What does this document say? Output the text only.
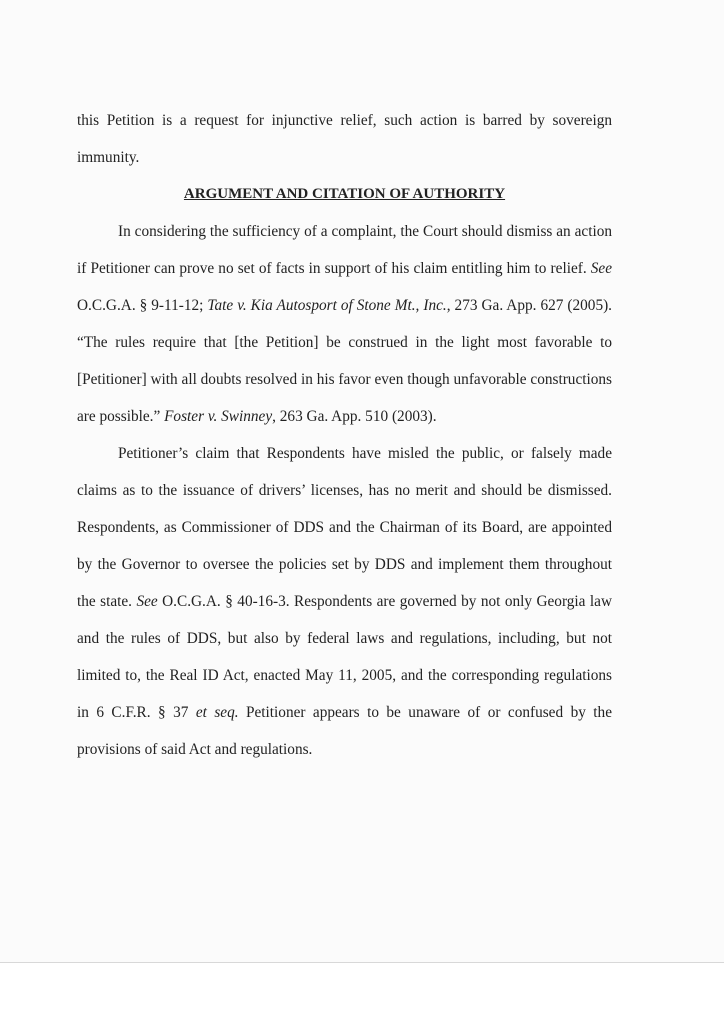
this Petition is a request for injunctive relief, such action is barred by sovereign immunity.

ARGUMENT AND CITATION OF AUTHORITY

In considering the sufficiency of a complaint, the Court should dismiss an action if Petitioner can prove no set of facts in support of his claim entitling him to relief. See O.C.G.A. § 9-11-12; Tate v. Kia Autosport of Stone Mt., Inc., 273 Ga. App. 627 (2005). “The rules require that [the Petition] be construed in the light most favorable to [Petitioner] with all doubts resolved in his favor even though unfavorable constructions are possible.” Foster v. Swinney, 263 Ga. App. 510 (2003).

Petitioner’s claim that Respondents have misled the public, or falsely made claims as to the issuance of drivers’ licenses, has no merit and should be dismissed. Respondents, as Commissioner of DDS and the Chairman of its Board, are appointed by the Governor to oversee the policies set by DDS and implement them throughout the state. See O.C.G.A. § 40-16-3. Respondents are governed by not only Georgia law and the rules of DDS, but also by federal laws and regulations, including, but not limited to, the Real ID Act, enacted May 11, 2005, and the corresponding regulations in 6 C.F.R. § 37 et seq. Petitioner appears to be unaware of or confused by the provisions of said Act and regulations.
